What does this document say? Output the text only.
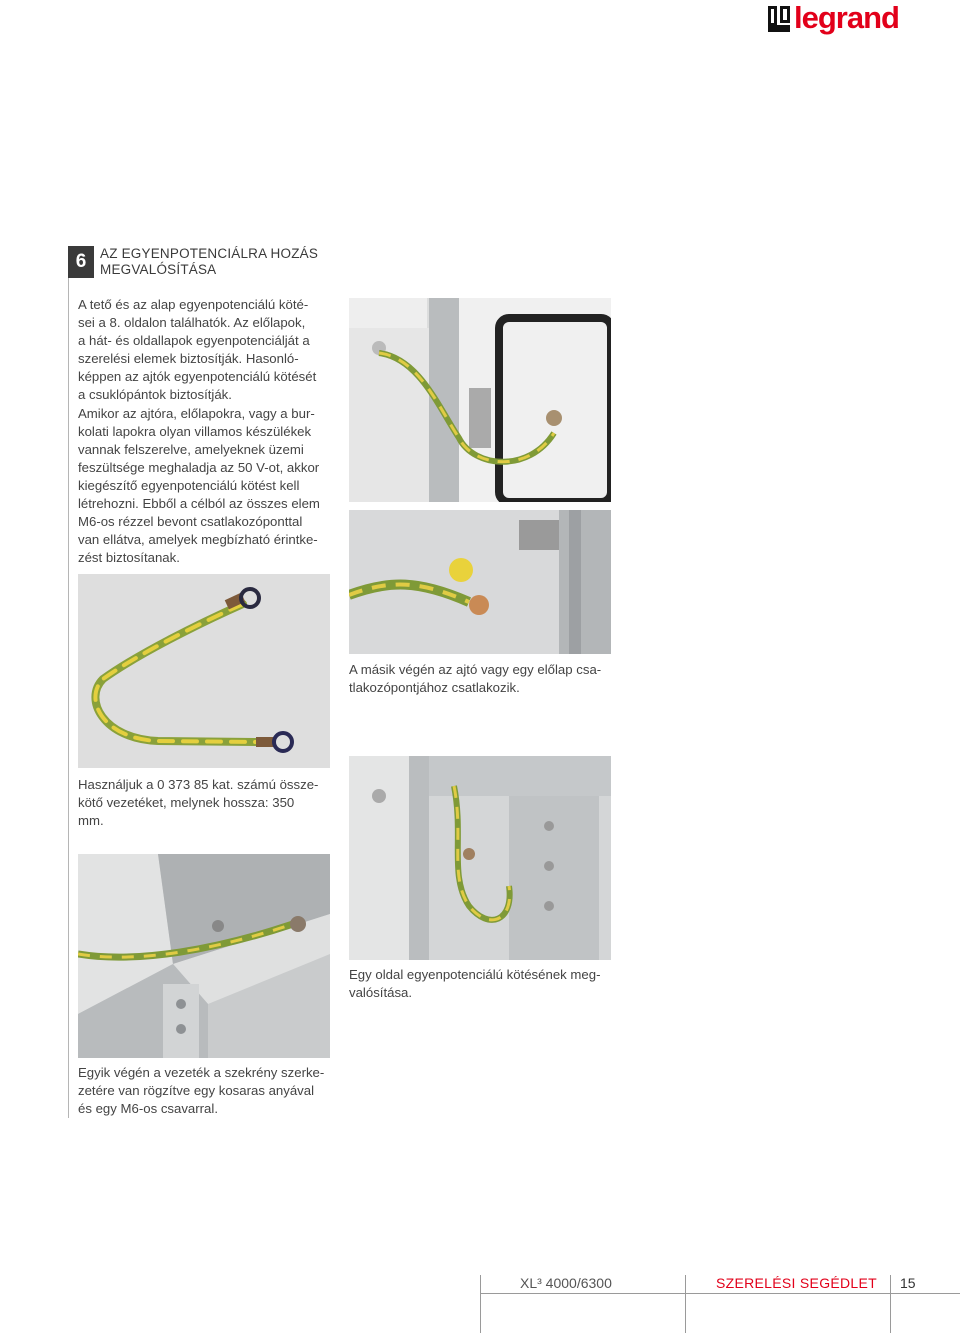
legrand
6	AZ EGYENPOTENCIÁLRA HOZÁS
MEGVALÓSÍTÁSA
A tető és az alap egyenpotenciálú köté-
sei a 8. oldalon találhatók. Az előlapok,
a hát- és oldallapok egyenpotenciálját a
szerelési elemek biztosítják. Hasonló-
képpen az ajtók egyenpotenciálú kötését
a csuklópántok biztosítják.
Amikor az ajtóra, előlapokra, vagy a bur-
kolati lapokra olyan villamos készülékek
vannak felszerelve, amelyeknek üzemi
feszültsége meghaladja az 50 V-ot, akkor
kiegészítő egyenpotenciálú kötést kell
létrehozni. Ebből a célból az összes elem
M6-os rézzel bevont csatlakozóponttal
van ellátva, amelyek megbízható érintke-
zést biztosítanak.
Használjuk a 0 373 85 kat. számú össze-
kötő vezetéket, melynek hossza: 350
mm.
Egyik végén a vezeték a szekrény szerke-
zetére van rögzítve egy kosaras anyával
és egy M6-os csavarral.
A másik végén az ajtó vagy egy előlap csa-
tlakozópontjához csatlakozik.
Egy oldal egyenpotenciálú kötésének meg-
valósítása.
XL³ 4000/6300	SZERELÉSI SEGÉDLET 15
